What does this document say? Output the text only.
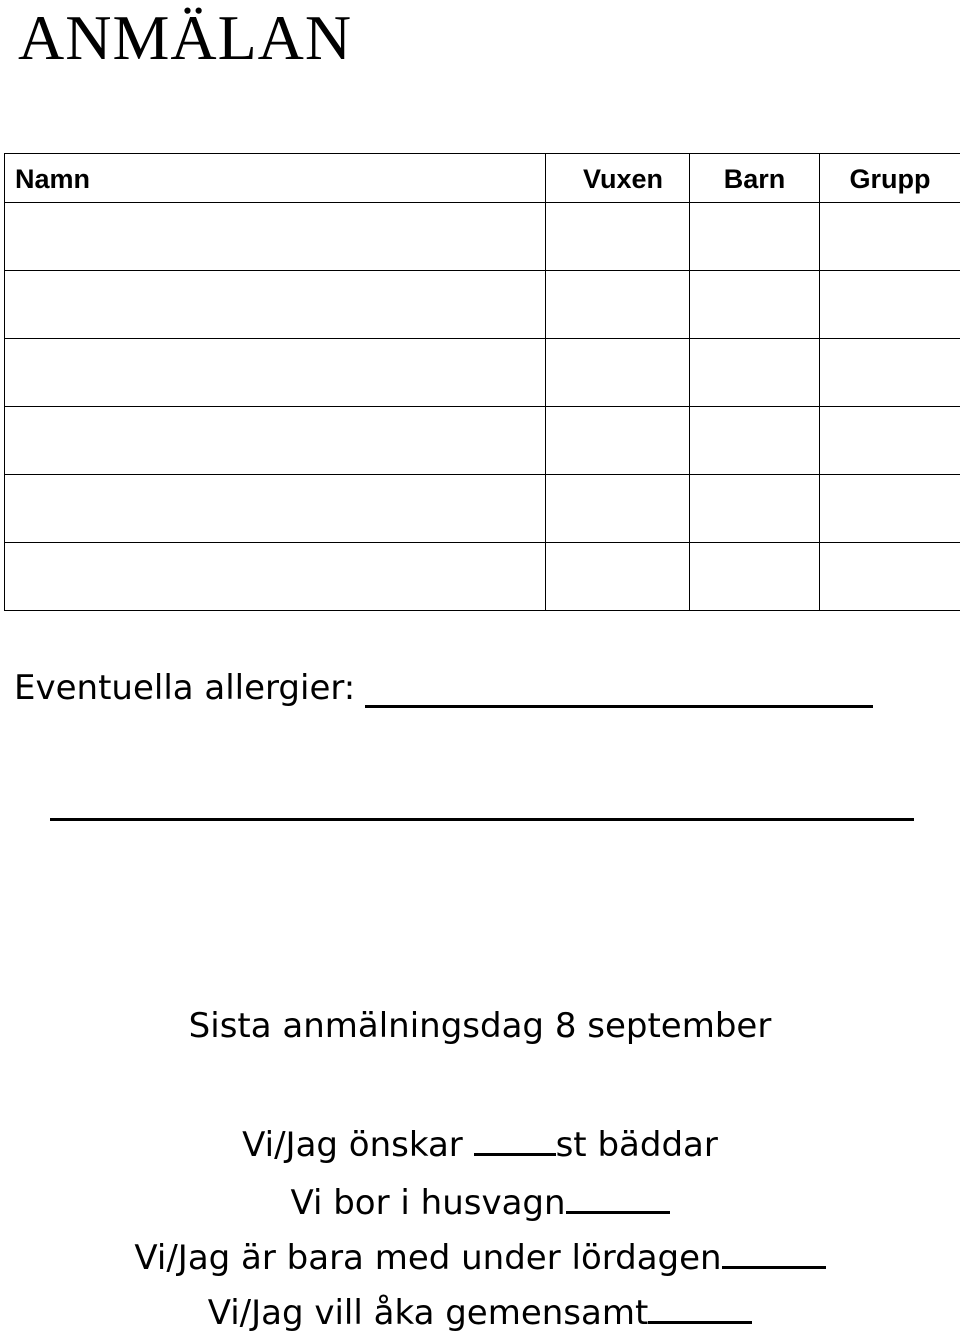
ANMÄLAN
Namn	Vuxen	Barn	Grupp

Eventuella allergier:
Sista anmälningsdag 8 september
Vi/Jag önskar	st bäddar
Vi bor i husvagn
Vi/Jag är bara med under lördagen
Vi/Jag vill åka gemensamt
